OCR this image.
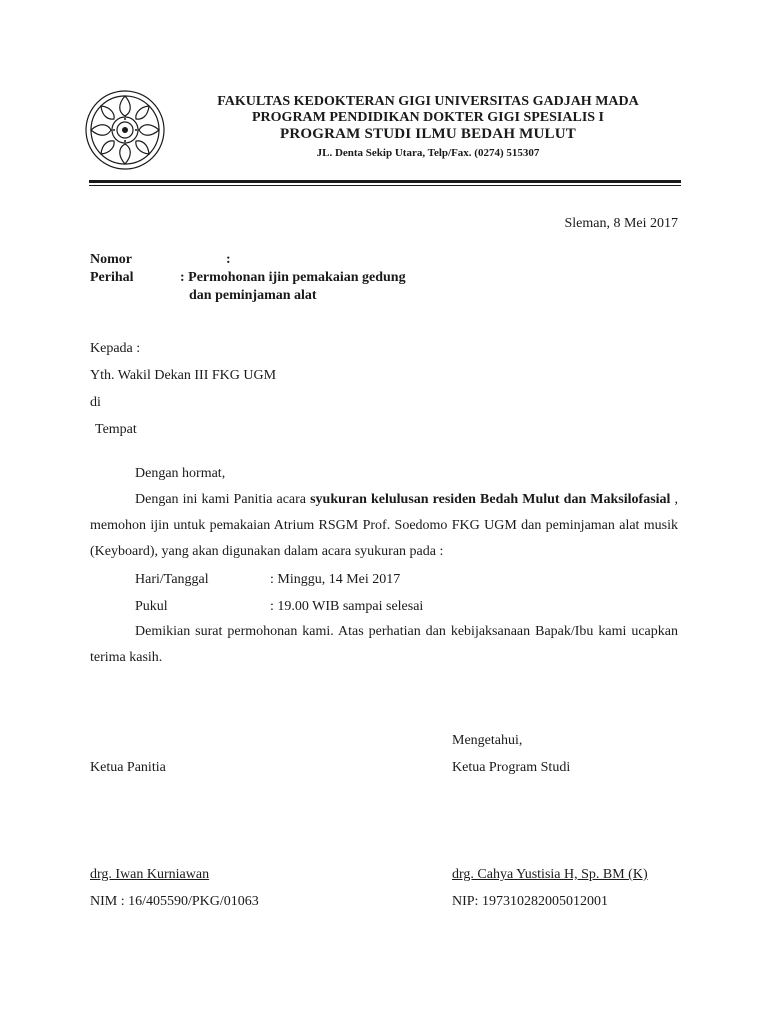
FAKULTAS KEDOKTERAN GIGI UNIVERSITAS GADJAH MADA
PROGRAM PENDIDIKAN DOKTER GIGI SPESIALIS I
PROGRAM STUDI ILMU BEDAH MULUT
JL. Denta Sekip Utara, Telp/Fax. (0274) 515307
Sleman, 8 Mei 2017
Nomor	:
Perihal	: Permohonan ijin pemakaian gedung
dan peminjaman alat
Kepada :
Yth. Wakil Dekan III FKG UGM
di
Tempat
Dengan hormat,

Dengan ini kami Panitia acara syukuran kelulusan residen Bedah Mulut dan Maksilofasial , memohon ijin untuk pemakaian Atrium RSGM Prof. Soedomo FKG UGM dan peminjaman alat musik (Keyboard), yang akan digunakan dalam acara syukuran pada :

Hari/Tanggal	: Minggu, 14 Mei 2017
Pukul	: 19.00 WIB sampai selesai

Demikian surat permohonan kami. Atas perhatian dan kebijaksanaan Bapak/Ibu kami ucapkan terima kasih.

Mengetahui,
Ketua Panitia	Ketua Program Studi
drg. Iwan Kurniawan	drg. Cahya Yustisia H, Sp. BM (K)
NIM : 16/405590/PKG/01063	NIP: 197310282005012001
